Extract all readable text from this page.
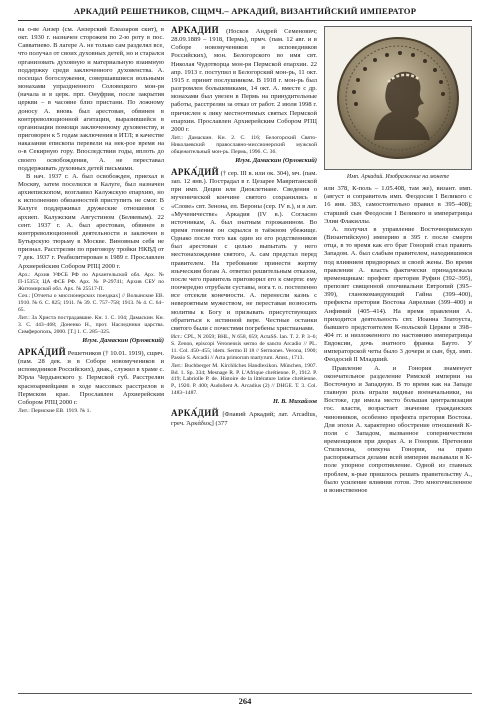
АРКАДИЙ РЕШЕТНИКОВ, СЩМЧ.– АРКАДИЙ, ВИЗАНТИЙСКИЙ ИМПЕРАТОР

на о-ве Анзер (см. Анзерский Елеазаров скит), в окт. 1930 г. назначен сторожем по 2-ю роту в пос. Савватиево. В лагере А. не только сам разделял все, что получал от своих духовных детей, но и старался организовать духовную и материальную взаимную поддержку среди заключенного духовенства. А. посещал богослужения, совершавшиеся вольными монахами упраздненного Соловецкого мон-ря (начала и в церк. прп. Онуфрия, после закрытия церкви – в часовне близ пристани. По ложному доносу А. вновь был арестован, обвинен в контрреволюционной агитации, выразившейся в организации помощи заключенному духовенству, и приговорен к 5 годам заключения в ИТЛ; в качестве наказания епископа перевели на нек-рое время на о-в Секирную гору. Впоследствии годы, вплоть до своего освобождения, А. не переставал поддерживать духовных детей письмами.

В нач. 1937 г. А. был освобожден, приехал в Москву, затем поселился в Калуге, был назначен архиепископом, возглавил Калужскую епархию, но к исполнению обязанностей приступить не смог. В Калуге поддерживал дружеские отношения с архиеп. Калужским Августином (Беляевым). 22 сент. 1937 г. А. был арестован, обвинен в контрреволюционной деятельности и заключен в Бутырскую тюрьму в Москве. Виновным себя не признал. Расстрелян по приговору тройки НКВД от 7 дек. 1937 г. Реабилитирован в 1989 г. Прославлен Архиерейским Собором РПЦ 2000 г.

Арх.: Архив УФСБ РФ по Архангельской обл. Арх. № П-15353; ЦА ФСБ РФ. Арх. № Р-29741; Архив СБУ по Житомирской обл. Арх. № 25517-П.

Соч.: [Отчеты о миссионерских поездках] // Волынские ЕВ. 1910. № 6. С. 825; 1911. № 39. С. 757–758; 1913. № 4. С. 64–65.

Лит.: За Христа пострадавшие. Кн. 1. С. 104; Дамаскин. Кн. 3. С. 443–468; Доненко Н., прот. Наследники царства. Симферополь, 2000. [Т.] 1. С. 285–325.

Игум. Дамаскин (Орловский)

АРКА́ДИЙ Решетников († 10.01. 1919), сщмч. (пам. 28 дек. и в Соборе новомучеников и исповедников Российских), диак., служил в храме с. Юрла Чердынского у. Пермской губ. Расстрелян красноармейцами в ходе массовых расстрелов в Пермском крае. Прославлен Архиерейским Собором РПЦ 2000 г.

Лит.: Пермские ЕВ. 1919. № 1.

АРКА́ДИЙ (Носков Андрей Семенович; 28.09.1889 – 1918, Пермь), прмч. (пам. 12 авг. и в Соборе новомучеников и исповедников Российских), мон. Белогорского во имя свт. Николая Чудотворца мон-ря Пермской епархии. 22 апр. 1913 г. поступил в Белогорский мон-рь, 11 окт. 1915 г. принят послушником. В 1918 г. мон-рь был разгромлен большевиками, 14 окт. А. вместе с др. монахами был увезен в Пермь на принудительные работы, расстрелян за отказ от работ. 2 июля 1998 г. причислен к лику местночтимых святых Пермской епархии. Прославлен Архиерейским Собором РПЦ 2000 г.

Лит.: Дамаскин. Кн. 2. С. 116; Белогорский Свято-Николаевский православно-миссионерский мужской общежительный мон-рь. Пермь, 1996. С. 36.

Игум. Дамаскин (Орловский)

АРКА́ДИЙ († сер. III в. или ок. 304), мч. (пам. зап. 12 янв.). Пострадал в г. Цезарее Мавританской при имп. Деции или Диоклетиане. Сведения о мученической кончине святого сохранились в «Слове» свт. Зенона, еп. Вероны (сер. IV в.), и в лат. «Мученичестве» Аркадия (IV в.). Согласно источникам, А. был знатным горожанином. Во время гонения он скрылся в таёжном убежище. Однако после того как один из его родственников был арестован с целью выпытать у него местонахождение святого, А. сам предстал перед правителем. На требование принести жертву языческим богам А. ответил решительным отказом, после чего правитель приговорил его к смерти: ему поочередно отрубали суставы, нога т. о. постепенно все отсекли конечности. А. перенесли казнь с невероятным мужеством, не переставая возносить молитвы к Богу и призывать присутствующих обратиться к истинной вере. Честные останки святого были с почестями погребены христианами.

Ист.: CPL, N 2059; BHL, N 658, 659; ActaSS. Ian. T. 2. P. 3–6; S. Zenon, episcopi Veronensis sermo de sancto Arcadio // PL. 11. Col. 450–455; idem. Sermo II 18 // Sermones. Verona, 1900; Passio S. Arcadii // Acta primorum martyrum. Amst., 1713.

Лит.: Buchberger M. Kirchliches Handlexikon. München, 1907. Bd. 1. Sp. 334; Mesnage R. P. L'Afrique chrétienne. P., 1912. P. 419; Labriolle P. de. Histoire de la littérature latine chrétienne. P., 1920. P. 400; Audollent A. Arcadius (2) // DHGE. T. 3. Col. 1483–1487.

Н. В. Михайлов

АРКА́ДИЙ [Флавий Аркадий; лат. Arcadius, греч. Ἀρκάδιος] (377

Имп. Аркадий. Изображение на монете

или 378, К-поль – 1.05.408, там же), визант. имп. (август и соправитель имп. Феодосия I Великого с 16 янв. 383, самостоятельно правил в 395–408); старший сын Феодосия I Великого и императрицы Элии Флакиллы.

А. получил в управление Восточноримскую (Византийскую) империю в 395 г. после смерти отца, в то время как его брат Гонорий стал править Западом. А. был слабым правителем, находившимся под влиянием придворных и своей жены. Во время правления А. власть фактически принадлежала временщикам: префект претория Руфин (392–395), препозит священной опочивальни Евтропий (395–399), гланокомандующий Гайна (399–400), префекты претория Востока Аврелиан (399–400) и Анфимий (405–414). На время правления А. приходится деятельность свт. Иоанна Златоуста, бывшего предстоятелем К-польской Церкви в 398–404 гг. и низложенного по настоянию императрицы Евдоксии, дочь знатного франка Бауто. У императорской четы было 3 дочери и сын, буд. имп. Феодосий II Младший.

Правление А. и Гонория знаменует окончательное разделение Римской империи на Восточную и Западную. В то время как на Западе главную роль играли видные военачальники, на Востоке, где имела место большая централизация гос. власти, возрастает значение гражданских чиновников, особенно префекта претория Востока. Для эпохи А. характерно обострение отношений К-поля с Западом, вызванное соперничеством временщиков при дворах А. и Гонория. Претензии Стилихона, опекуна Гонория, на право распоряжаться делами всей империи вызывали в К-поле упорное сопротивление. Одной из главных проблем, к-рые пришлось решать правительству А., было усиление влияния готов. Это многочисленное и воинственное

264
